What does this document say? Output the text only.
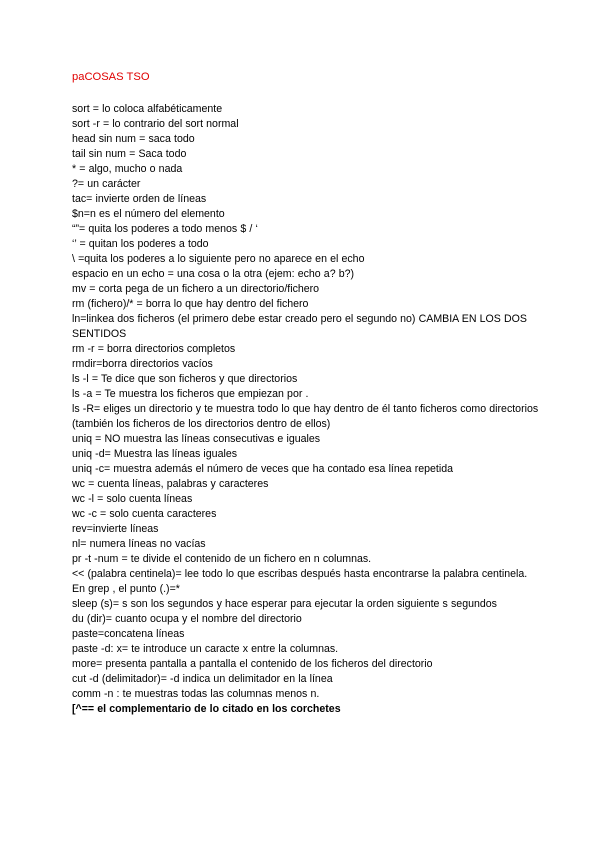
paCOSAS TSO
sort = lo coloca alfabéticamente
sort -r = lo contrario del sort normal
head sin num = saca todo
tail sin num = Saca todo
* = algo, mucho o nada
?= un carácter
tac= invierte orden de líneas
$n=n es el número del elemento
“”= quita los poderes a todo menos $ / ‘
‘’ = quitan los poderes a todo
\ =quita los poderes a lo siguiente pero no aparece en el echo
espacio en un echo = una cosa o la otra (ejem: echo a? b?)
mv = corta pega de un fichero a un directorio/fichero
rm (fichero)/* = borra lo que hay dentro del fichero
ln=linkea dos ficheros (el primero debe estar creado pero el segundo no) CAMBIA EN LOS DOS SENTIDOS
rm -r = borra directorios completos
rmdir=borra directorios vacíos
ls -l = Te dice que son ficheros y que directorios
ls -a = Te muestra los ficheros que empiezan por .
ls -R= eliges un directorio y te muestra todo lo que hay dentro de él tanto ficheros como directorios (también los ficheros de los directorios dentro de ellos)
uniq = NO muestra las líneas consecutivas e iguales
uniq -d= Muestra las líneas iguales
uniq -c= muestra además el número de veces que ha contado esa línea repetida
wc = cuenta líneas, palabras y caracteres
wc -l = solo cuenta líneas
wc -c = solo cuenta caracteres
rev=invierte líneas
nl= numera líneas no vacías
pr -t -num = te divide el contenido de un fichero en n columnas.
<< (palabra centinela)= lee todo lo que escribas después hasta encontrarse la palabra centinela.
En grep , el punto (.)=*
sleep (s)= s son los segundos y hace esperar para ejecutar la orden siguiente s segundos
du (dir)= cuanto ocupa y el nombre del directorio
paste=concatena líneas
paste -d: x= te introduce un caracte x entre la columnas.
more= presenta pantalla a pantalla el contenido de los ficheros del directorio
cut -d (delimitador)= -d indica un delimitador en la línea
comm -n : te muestras todas las columnas menos n.
[^== el complementario de lo citado en los corchetes
